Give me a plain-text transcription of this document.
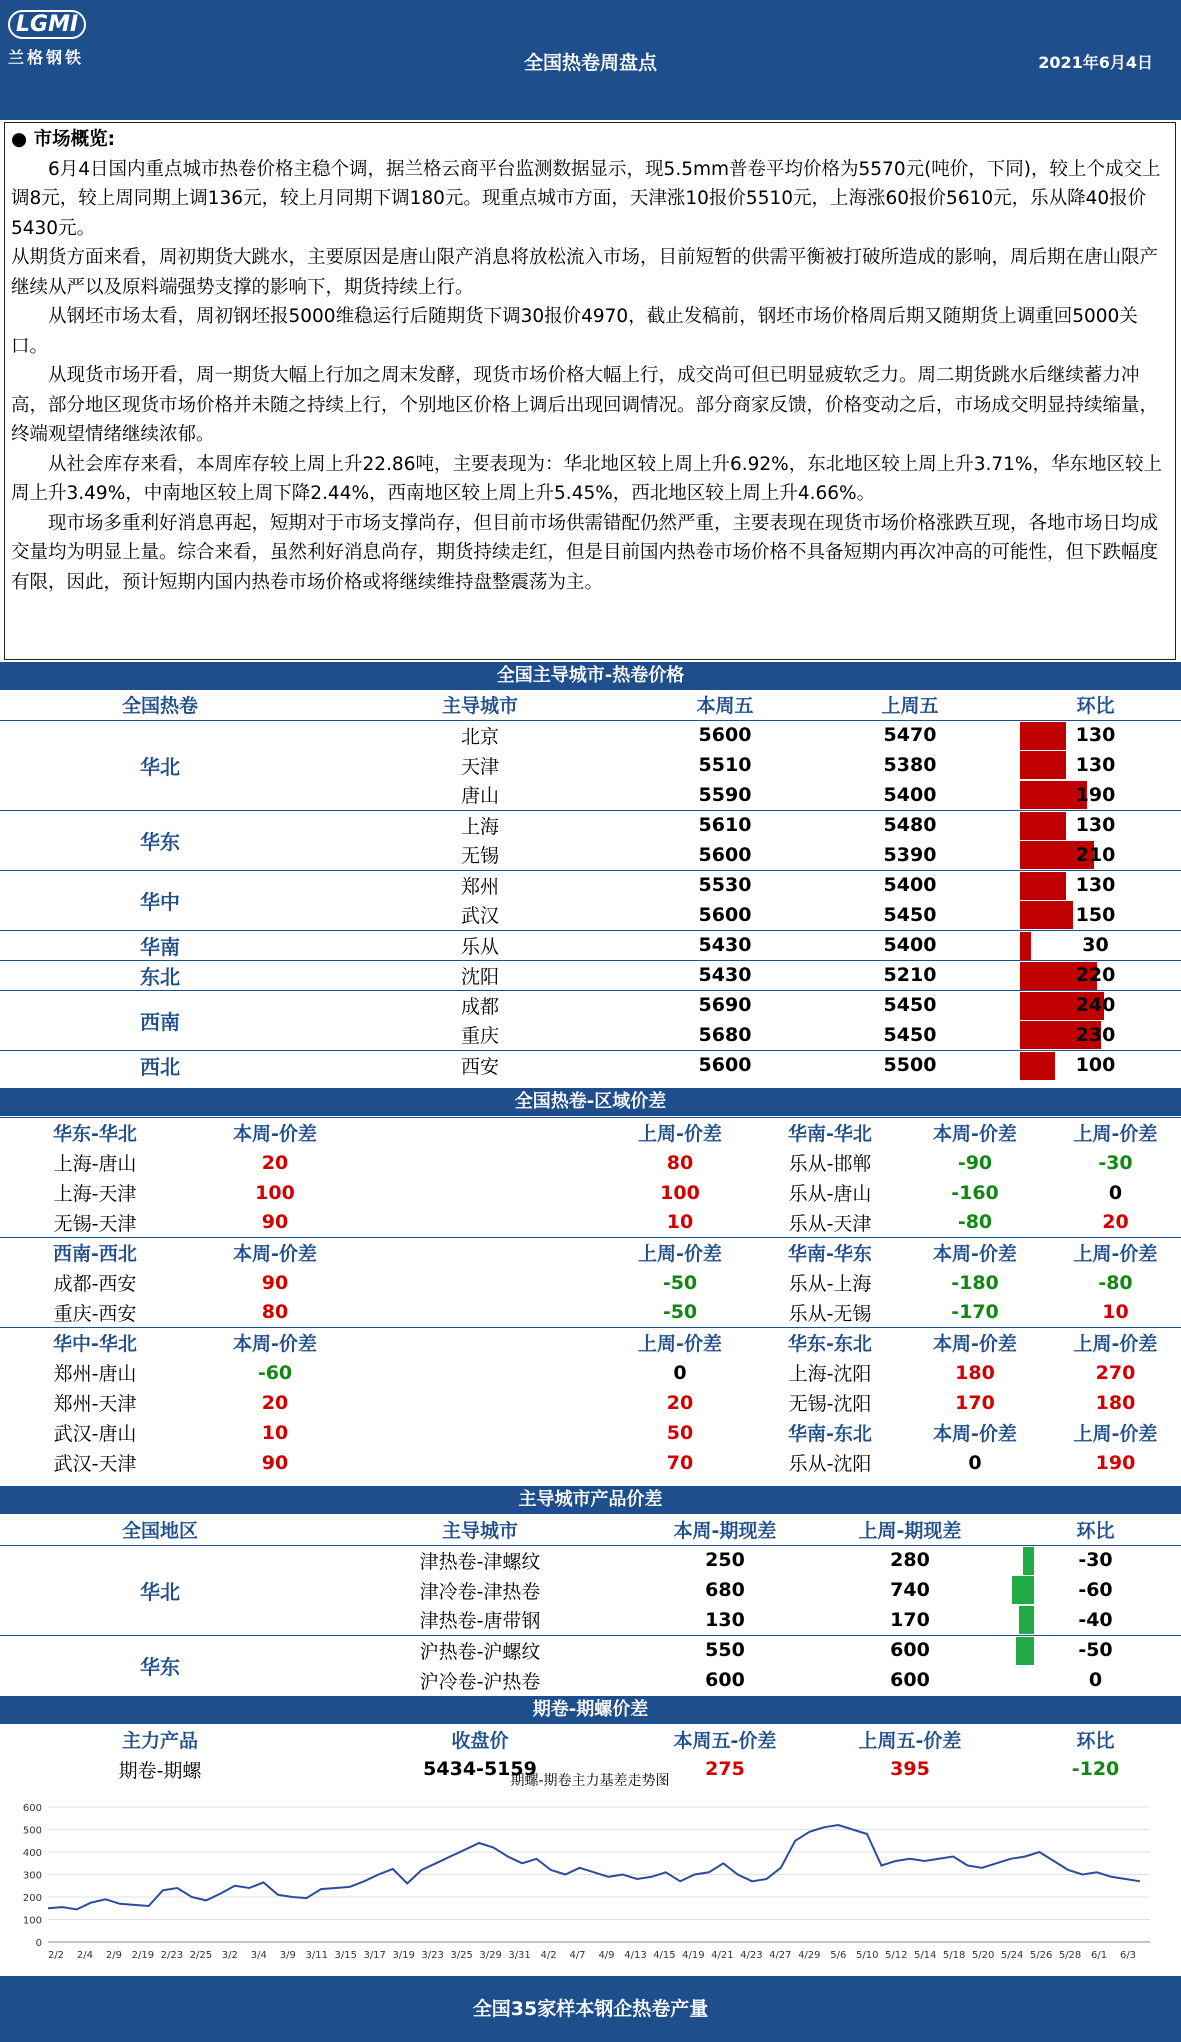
LGMI
兰格钢铁	全国热卷周盘点	2021年6月4日
● 市场概览:

6月4日国内重点城市热卷价格主稳个调，据兰格云商平台监测数据显示，现5.5mm普卷平均价格为5570元(吨价，下同)，较上个成交上调8元，较上周同期上调136元，较上月同期下调180元。现重点城市方面，天津涨10报价5510元，上海涨60报价5610元，乐从降40报价5430元。

从期货方面来看，周初期货大跳水，主要原因是唐山限产消息将放松流入市场，目前短暂的供需平衡被打破所造成的影响，周后期在唐山限产继续从严以及原料端强势支撑的影响下，期货持续上行。

从钢坯市场太看，周初钢坯报5000维稳运行后随期货下调30报价4970，截止发稿前，钢坯市场价格周后期又随期货上调重回5000关口。

从现货市场开看，周一期货大幅上行加之周末发酵，现货市场价格大幅上行，成交尚可但已明显疲软乏力。周二期货跳水后继续蓄力冲高，部分地区现货市场价格并未随之持续上行，个别地区价格上调后出现回调情况。部分商家反馈，价格变动之后，市场成交明显持续缩量，终端观望情绪继续浓郁。

从社会库存来看，本周库存较上周上升22.86吨，主要表现为：华北地区较上周上升6.92%，东北地区较上周上升3.71%，华东地区较上周上升3.49%，中南地区较上周下降2.44%，西南地区较上周上升5.45%，西北地区较上周上升4.66%。

现市场多重利好消息再起，短期对于市场支撑尚存，但目前市场供需错配仍然严重，主要表现在现货市场价格涨跌互现，各地市场日均成交量均为明显上量。综合来看，虽然利好消息尚存，期货持续走红，但是目前国内热卷市场价格不具备短期内再次冲高的可能性，但下跌幅度有限，因此，预计短期内国内热卷市场价格或将继续维持盘整震荡为主。

全国主导城市-热卷价格
全国热卷	主导城市	本周五	上周五	环比
华北	北京	5600	5470	130
	天津	5510	5380	130
	唐山	5590	5400	190
华东	上海	5610	5480	130
	无锡	5600	5390	210
华中	郑州	5530	5400	130
	武汉	5600	5450	150
华南	乐从	5430	5400	30
东北	沈阳	5430	5210	220
西南	成都	5690	5450	240
	重庆	5680	5450	230
西北	西安	5600	5500	100
全国热卷-区域价差
华东-华北	本周-价差		上周-价差	华南-华北	本周-价差	上周-价差
上海-唐山	20		80	乐从-邯郸	-90	-30
上海-天津	100		100	乐从-唐山	-160	0
无锡-天津	90		10	乐从-天津	-80	20
西南-西北	本周-价差		上周-价差	华南-华东	本周-价差	上周-价差
成都-西安	90		-50	乐从-上海	-180	-80
重庆-西安	80		-50	乐从-无锡	-170	10
华中-华北	本周-价差		上周-价差	华东-东北	本周-价差	上周-价差
郑州-唐山	-60		0	上海-沈阳	180	270
郑州-天津	20		20	无锡-沈阳	170	180
武汉-唐山	10		50	华南-东北	本周-价差	上周-价差
武汉-天津	90		70	乐从-沈阳	0	190
主导城市产品价差
全国地区	主导城市	本周-期现差	上周-期现差	环比
华北	津热卷-津螺纹	250	280	-30
	津冷卷-津热卷	680	740	-60
	津热卷-唐带钢	130	170	-40
华东	沪热卷-沪螺纹	550	600	-50
	沪冷卷-沪热卷	600	600	0
期卷-期螺价差
主力产品	收盘价	本周五-价差	上周五-价差	环比
期卷-期螺	5434-5159	275	395	-120
期螺-期卷主力基差走势图
0
100
200
300
400
500
600
2/2 2/4 2/9 2/19 2/23 2/25 3/2 3/4 3/9 3/11 3/15 3/17 3/19 3/23 3/25 3/29 3/31 4/2 4/7 4/9 4/13 4/15 4/19 4/21 4/23 4/27 4/29 5/6 5/10 5/12 5/14 5/18 5/20 5/24 5/26 5/28 6/1 6/3
全国35家样本钢企热卷产量
